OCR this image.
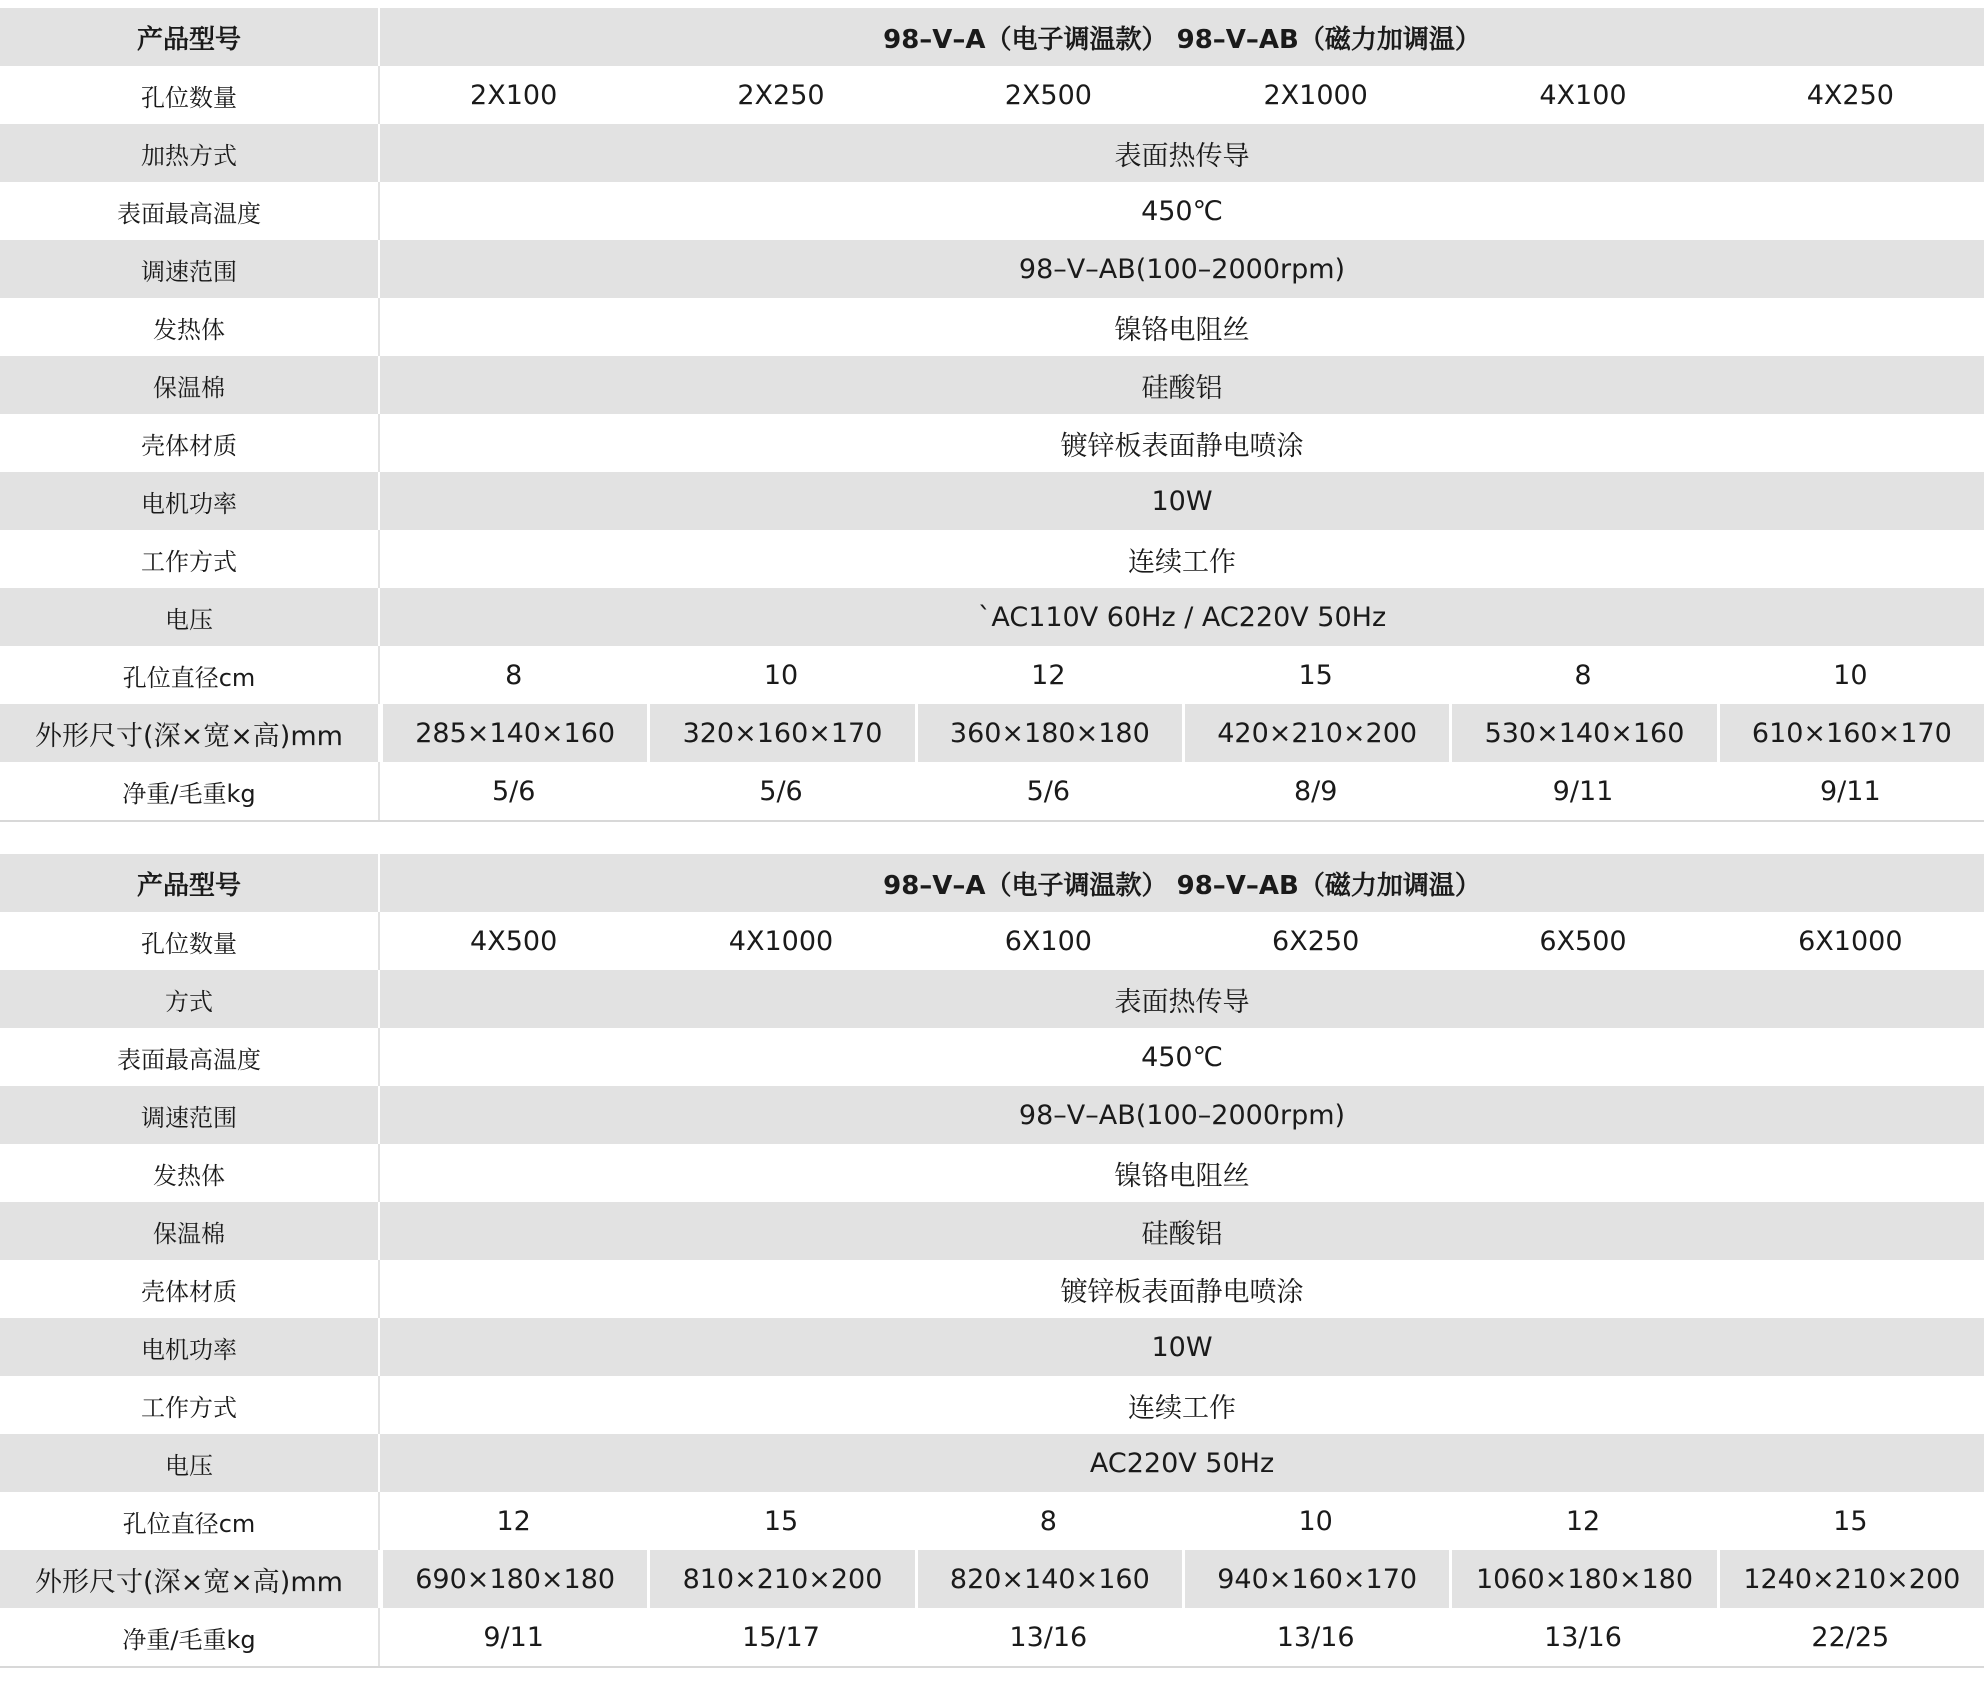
产品型号	98–V–A（电子调温款） 98–V–AB（磁力加调温）
孔位数量	2X100	2X250	2X500	2X1000	4X100	4X250
加热方式	表面热传导
表面最高温度	450℃
调速范围	98–V–AB(100–2000rpm)
发热体	镍铬电阻丝
保温棉	硅酸铝
壳体材质	镀锌板表面静电喷涂
电机功率	10W
工作方式	连续工作
电压	`AC110V 60Hz / AC220V 50Hz
孔位直径cm	8	10	12	15	8	10
外形尺寸(深×宽×高)mm	285×140×160	320×160×170	360×180×180	420×210×200	530×140×160	610×160×170
净重/毛重kg	5/6	5/6	5/6	8/9	9/11	9/11
产品型号	98–V–A（电子调温款） 98–V–AB（磁力加调温）
孔位数量	4X500	4X1000	6X100	6X250	6X500	6X1000
方式	表面热传导
表面最高温度	450℃
调速范围	98–V–AB(100–2000rpm)
发热体	镍铬电阻丝
保温棉	硅酸铝
壳体材质	镀锌板表面静电喷涂
电机功率	10W
工作方式	连续工作
电压	AC220V 50Hz
孔位直径cm	12	15	8	10	12	15
外形尺寸(深×宽×高)mm	690×180×180	810×210×200	820×140×160	940×160×170	1060×180×180	1240×210×200
净重/毛重kg	9/11	15/17	13/16	13/16	13/16	22/25
